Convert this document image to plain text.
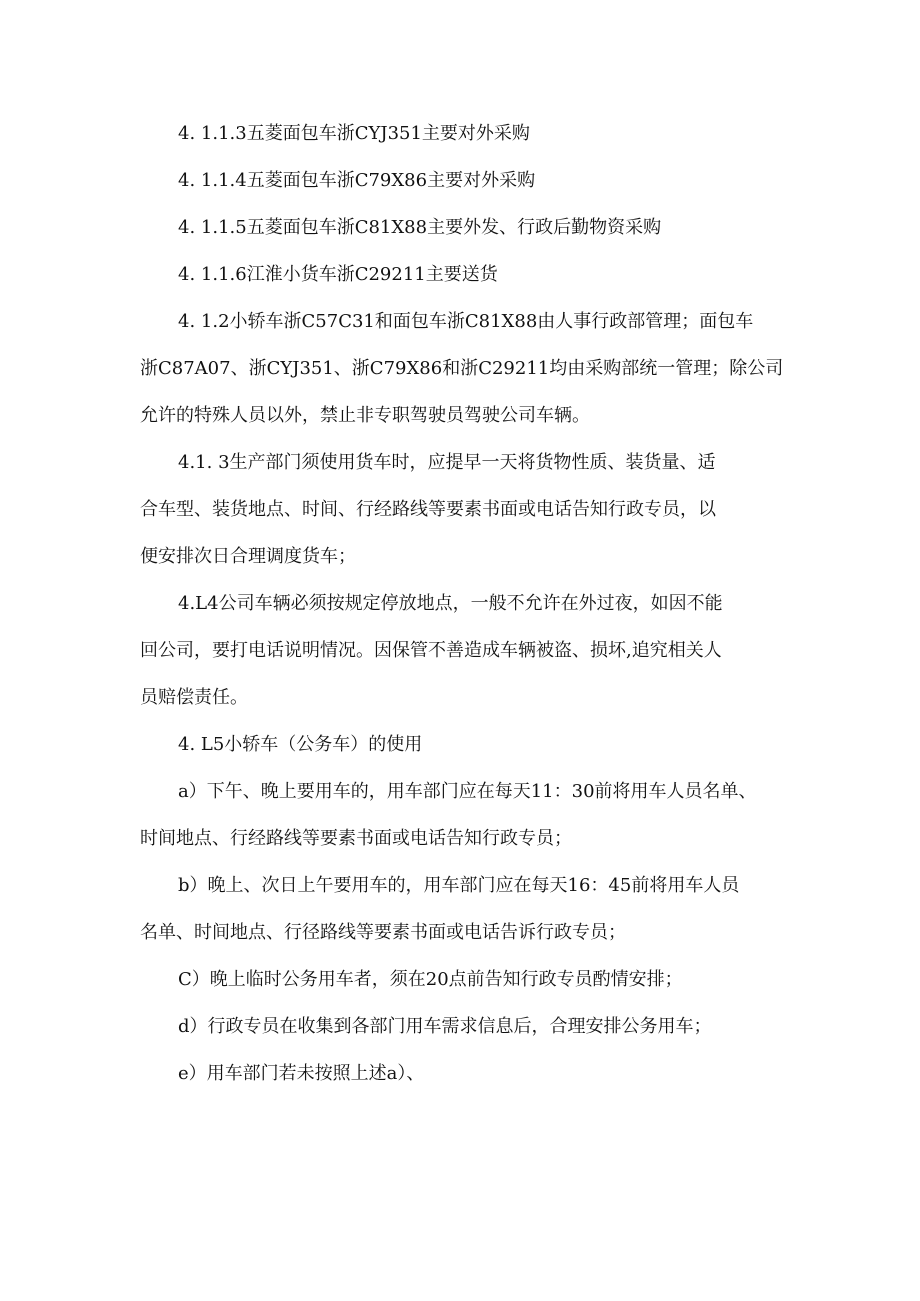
4. 1.1.3五菱面包车浙CYJ351主要对外采购
4. 1.1.4五菱面包车浙C79X86主要对外采购
4. 1.1.5五菱面包车浙C81X88主要外发、行政后勤物资采购
4. 1.1.6江淮小货车浙C29211主要送货
4. 1.2小轿车浙C57C31和面包车浙C81X88由人事行政部管理；面包车
浙C87A07、浙CYJ351、浙C79X86和浙C29211均由采购部统一管理；除公司
允许的特殊人员以外，禁止非专职驾驶员驾驶公司车辆。
4.1. 3生产部门须使用货车时，应提早一天将货物性质、装货量、适
合车型、装货地点、时间、行经路线等要素书面或电话告知行政专员，以
便安排次日合理调度货车；
4.L4公司车辆必须按规定停放地点，一般不允许在外过夜，如因不能
回公司，要打电话说明情况。因保管不善造成车辆被盗、损坏,追究相关人
员赔偿责任。
4. L5小轿车（公务车）的使用
a）下午、晚上要用车的，用车部门应在每天11：30前将用车人员名单、
时间地点、行经路线等要素书面或电话告知行政专员；
b）晚上、次日上午要用车的，用车部门应在每天16：45前将用车人员
名单、时间地点、行径路线等要素书面或电话告诉行政专员；
C）晚上临时公务用车者，须在20点前告知行政专员酌情安排；
d）行政专员在收集到各部门用车需求信息后，合理安排公务用车；
e）用车部门若未按照上述a）、
